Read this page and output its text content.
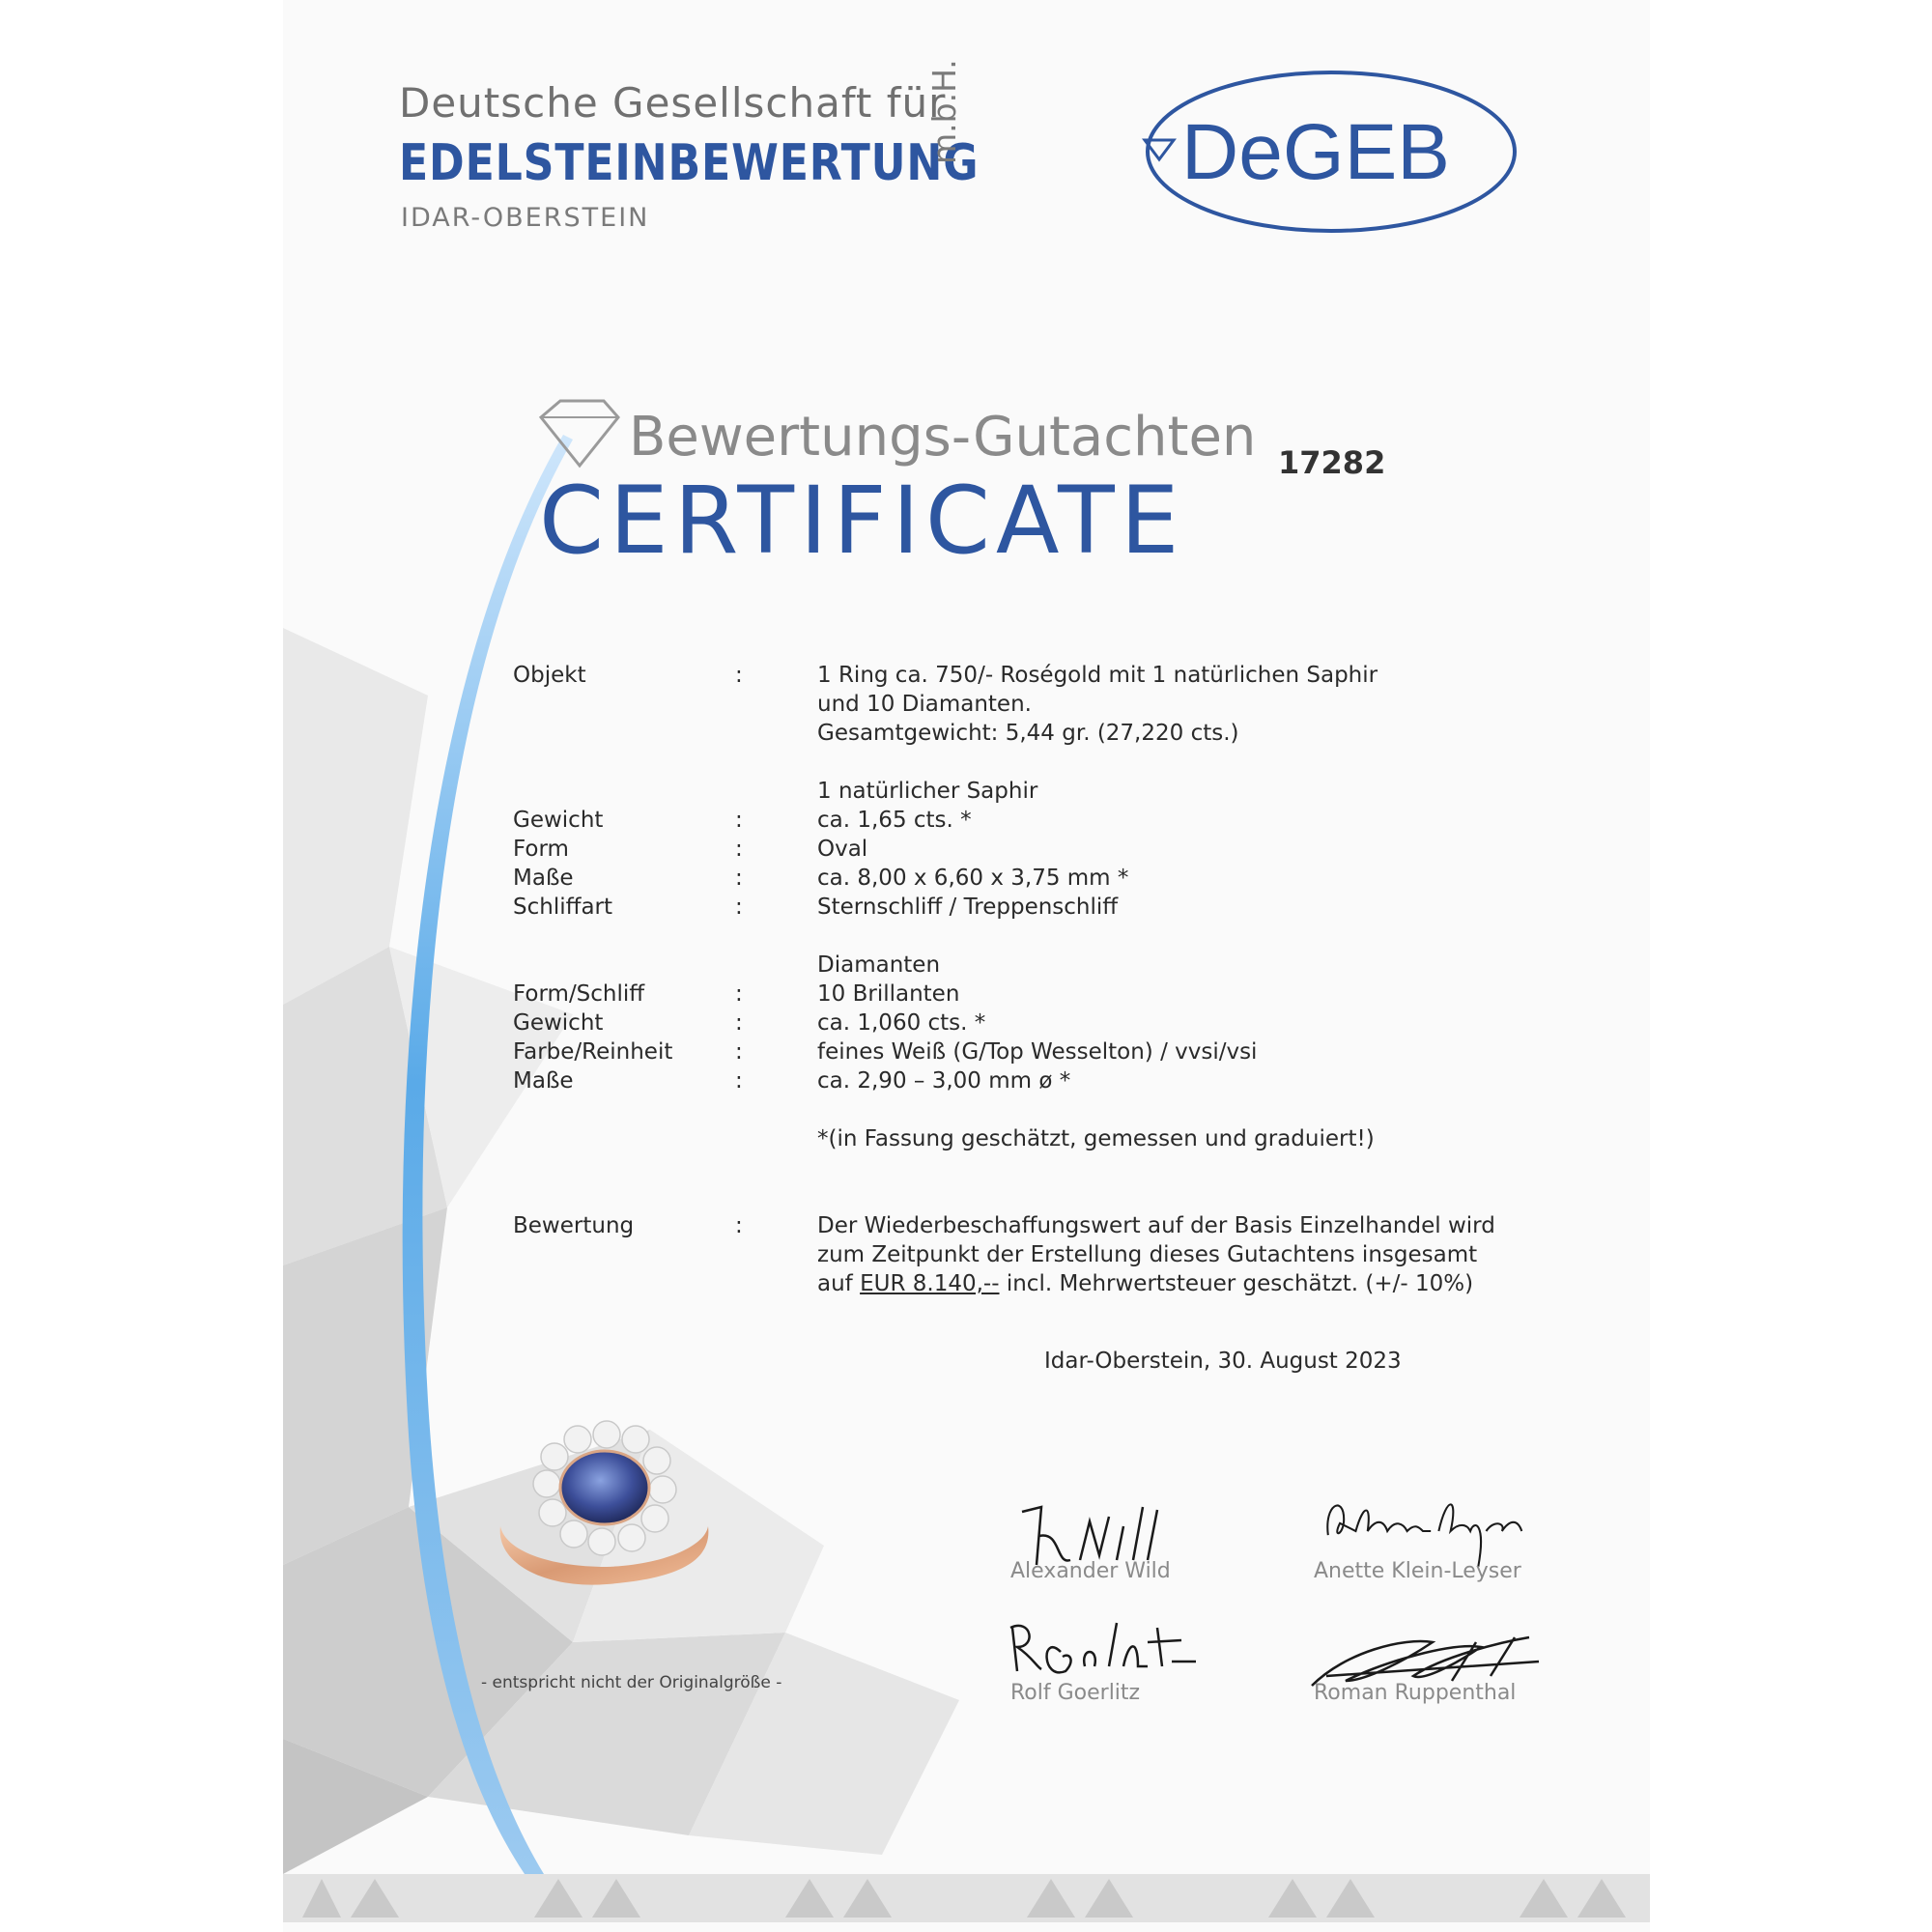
Deutsche Gesellschaft für
EDELSTEINBEWERTUNG
IDAR-OBERSTEIN
m.b.H.	DeGEB
Bewertungs-Gutachten
CERTIFICATE
17282
Objekt	:	1 Ring ca. 750/- Roségold mit 1 natürlichen Saphir
und 10 Diamanten.
Gesamtgewicht: 5,44 gr. (27,220 cts.)
1 natürlicher Saphir
Gewicht	:	ca. 1,65 cts. *
Form	:	Oval
Maße	:	ca. 8,00 x 6,60 x 3,75 mm *
Schliffart	:	Sternschliff / Treppenschliff
Diamanten
Form/Schliff	:	10 Brillanten
Gewicht	:	ca. 1,060 cts. *
Farbe/Reinheit	:	feines Weiß (G/Top Wesselton) / vvsi/vsi
Maße	:	ca. 2,90 – 3,00 mm ø *
*(in Fassung geschätzt, gemessen und graduiert!)
Bewertung	:	Der Wiederbeschaffungswert auf der Basis Einzelhandel wird
zum Zeitpunkt der Erstellung dieses Gutachtens insgesamt
auf EUR 8.140,-- incl. Mehrwertsteuer geschätzt. (+/- 10%)
Idar-Oberstein, 30. August 2023
- entspricht nicht der Originalgröße -
Alexander Wild	Anette Klein-Leyser
Rolf Goerlitz	Roman Ruppenthal
